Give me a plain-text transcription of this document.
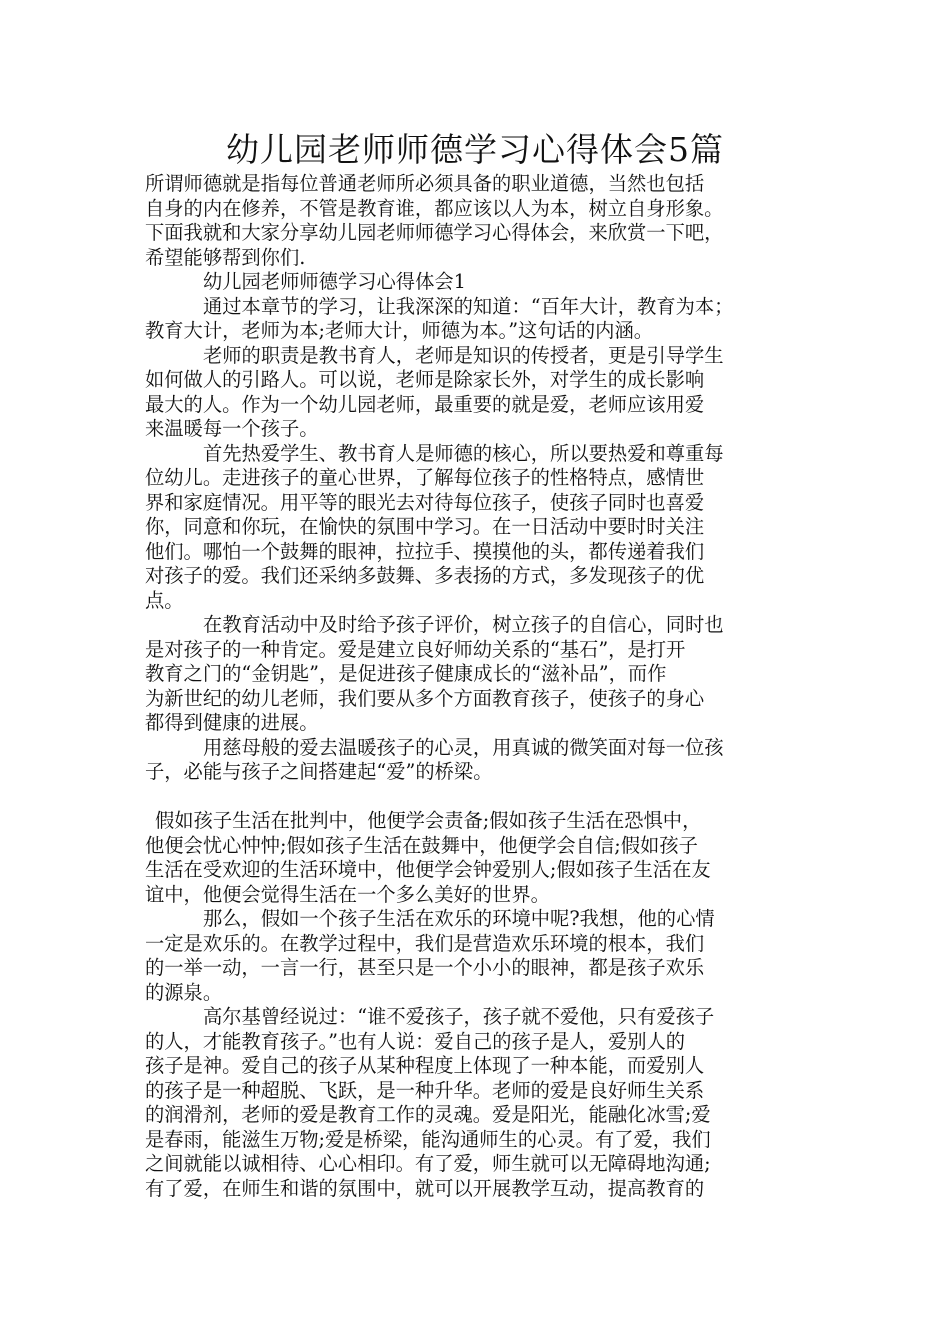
幼儿园老师师德学习心得体会5篇
所谓师德就是指每位普通老师所必须具备的职业道德，当然也包括
自身的内在修养，不管是教育谁，都应该以人为本，树立自身形象。
下面我就和大家分享幼儿园老师师德学习心得体会，来欣赏一下吧，
希望能够帮到你们.
幼儿园老师师德学习心得体会1
通过本章节的学习，让我深深的知道：“百年大计，教育为本；
教育大计，老师为本;老师大计，师德为本。”这句话的内涵。
老师的职责是教书育人，老师是知识的传授者，更是引导学生
如何做人的引路人。可以说，老师是除家长外，对学生的成长影响
最大的人。作为一个幼儿园老师，最重要的就是爱，老师应该用爱
来温暖每一个孩子。
首先热爱学生、教书育人是师德的核心，所以要热爱和尊重每
位幼儿。走进孩子的童心世界，了解每位孩子的性格特点，感情世
界和家庭情况。用平等的眼光去对待每位孩子，使孩子同时也喜爱
你，同意和你玩，在愉快的氛围中学习。在一日活动中要时时关注
他们。哪怕一个鼓舞的眼神，拉拉手、摸摸他的头，都传递着我们
对孩子的爱。我们还采纳多鼓舞、多表扬的方式，多发现孩子的优
点。
在教育活动中及时给予孩子评价，树立孩子的自信心，同时也
是对孩子的一种肯定。爱是建立良好师幼关系的“基石”，是打开
教育之门的“金钥匙”，是促进孩子健康成长的“滋补品”，而作
为新世纪的幼儿老师，我们要从多个方面教育孩子，使孩子的身心
都得到健康的进展。
用慈母般的爱去温暖孩子的心灵，用真诚的微笑面对每一位孩
子，必能与孩子之间搭建起“爱”的桥梁。
假如孩子生活在批判中，他便学会责备;假如孩子生活在恐惧中，
他便会忧心忡忡;假如孩子生活在鼓舞中，他便学会自信;假如孩子
生活在受欢迎的生活环境中，他便学会钟爱别人;假如孩子生活在友
谊中，他便会觉得生活在一个多么美好的世界。
那么，假如一个孩子生活在欢乐的环境中呢?我想，他的心情
一定是欢乐的。在教学过程中，我们是营造欢乐环境的根本，我们
的一举一动，一言一行，甚至只是一个小小的眼神，都是孩子欢乐
的源泉。
高尔基曾经说过：“谁不爱孩子，孩子就不爱他，只有爱孩子
的人，才能教育孩子。”也有人说：爱自己的孩子是人，爱别人的
孩子是神。爱自己的孩子从某种程度上体现了一种本能，而爱别人
的孩子是一种超脱、飞跃，是一种升华。老师的爱是良好师生关系
的润滑剂，老师的爱是教育工作的灵魂。爱是阳光，能融化冰雪;爱
是春雨，能滋生万物;爱是桥梁，能沟通师生的心灵。有了爱，我们
之间就能以诚相待、心心相印。有了爱，师生就可以无障碍地沟通;
有了爱，在师生和谐的氛围中，就可以开展教学互动，提高教育的
